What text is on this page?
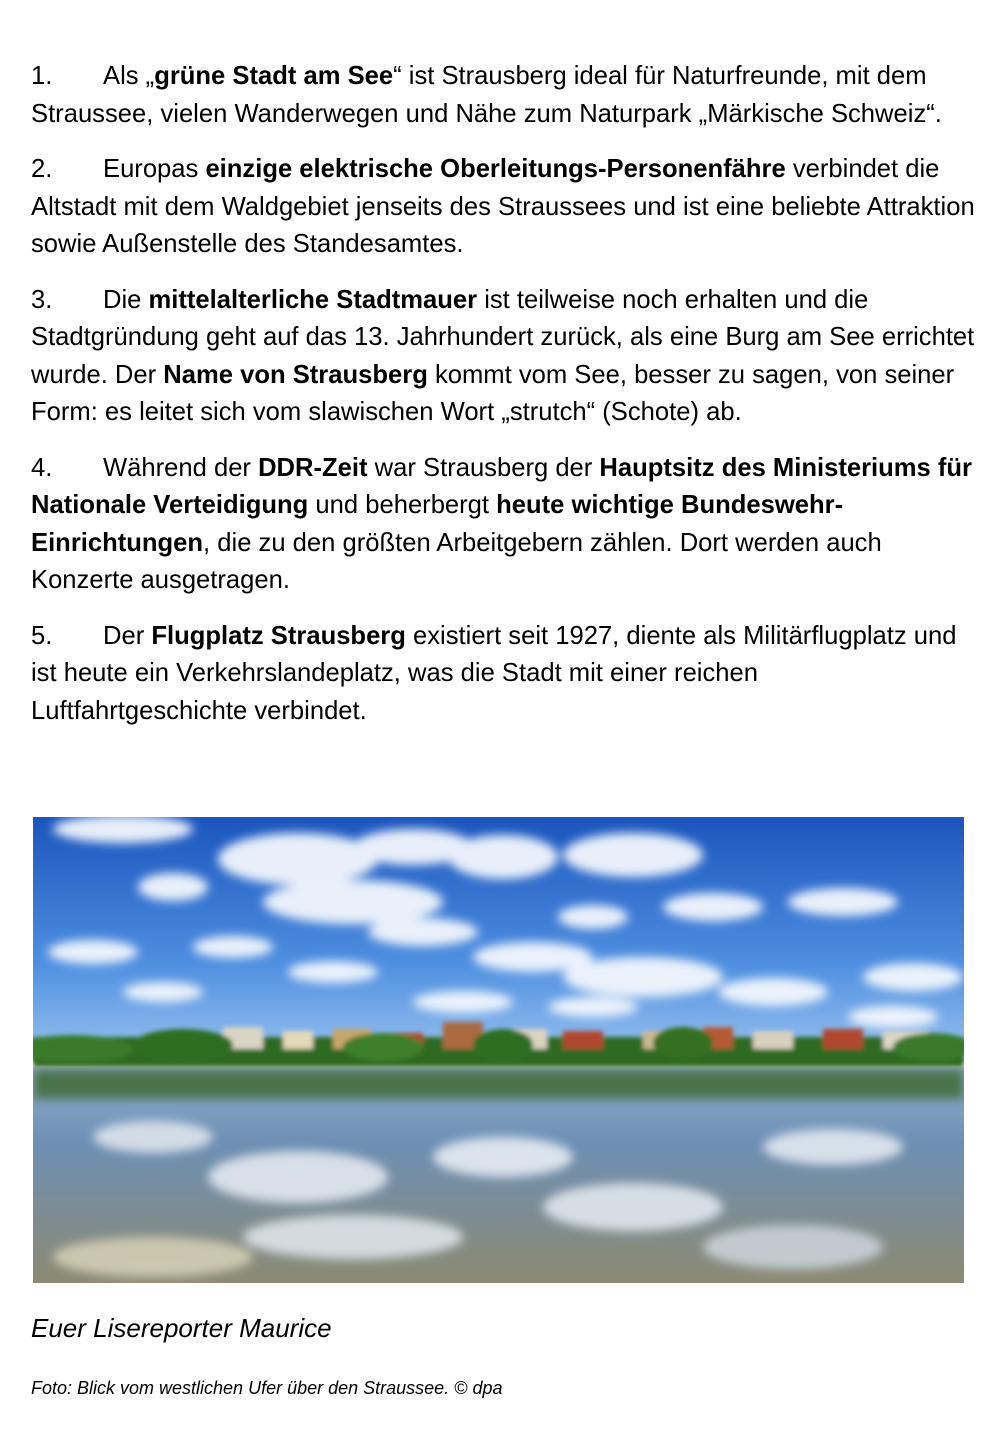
1. Als „grüne Stadt am See“ ist Strausberg ideal für Naturfreunde, mit dem Straussee, vielen Wanderwegen und Nähe zum Naturpark „Märkische Schweiz“.

2. Europas einzige elektrische Oberleitungs-Personenfähre verbindet die Altstadt mit dem Waldgebiet jenseits des Straussees und ist eine beliebte Attraktion sowie Außenstelle des Standesamtes.

3. Die mittelalterliche Stadtmauer ist teilweise noch erhalten und die Stadtgründung geht auf das 13. Jahrhundert zurück, als eine Burg am See errichtet wurde. Der Name von Strausberg kommt vom See, besser zu sagen, von seiner Form: es leitet sich vom slawischen Wort „strutch“ (Schote) ab.

4. Während der DDR-Zeit war Strausberg der Hauptsitz des Ministeriums für Nationale Verteidigung und beherbergt heute wichtige Bundeswehr-Einrichtungen, die zu den größten Arbeitgebern zählen. Dort werden auch Konzerte ausgetragen.

5. Der Flugplatz Strausberg existiert seit 1927, diente als Militärflugplatz und ist heute ein Verkehrslandeplatz, was die Stadt mit einer reichen Luftfahrtgeschichte verbindet.

Euer Lisereporter Maurice
Foto: Blick vom westlichen Ufer über den Straussee. © dpa
